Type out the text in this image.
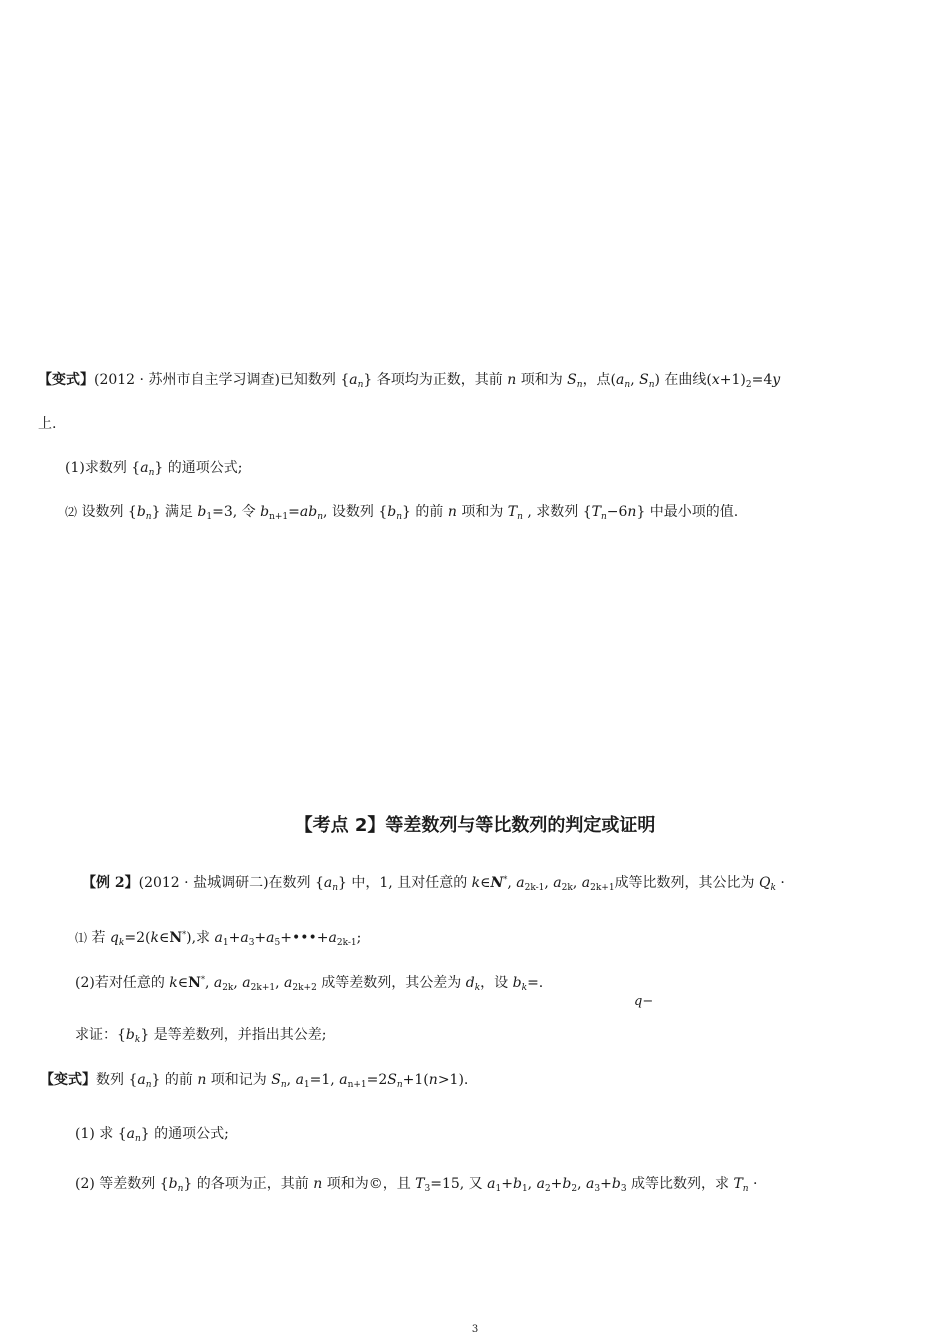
【变式】(2012 · 苏州市自主学习调查)已知数列 $\{a_n\}$ 各项均为正数，其前 n 项和为 $S_n$，点($a_n$, $S_n$) 在曲线$(x+1)_2=4y$
上.
(1)求数列 $\{a_n\}$ 的通项公式;
⑵ 设数列 $\{b_n\}$ 满足 $b_1=3$, 令 $b_{n+1}=ab_n$, 设数列 $\{b_n\}$ 的前 n 项和为 $T_n$ , 求数列 $\{T_n-6n\}$ 中最小项的值.
【考点 2】等差数列与等比数列的判定或证明
【例 2】(2012 · 盐城调研二)在数列 $\{a_n\}$ 中，1, 且对任意的 k∈N*, $a_{2k-1}$, $a_{2k}$, $a_{2k+1}$成等比数列，其公比为 $Q_k$ ·
⑴ 若 $q_k=2(k\in N^*)$,求 $a_1+a_3+a_5+•••+a_{2k-1}$;
(2)若对任意的 k∈N*, $a_{2k}$, $a_{2k+1}$, $a_{2k+2}$ 成等差数列，其公差为 $d_k$，设 $b_k=$.
q−
求证：$\{b_k\}$ 是等差数列，并指出其公差;
【变式】数列 $\{a_n\}$ 的前 n 项和记为 $S_n$, $a_1=1$, $a_{n+1}=2S_n+1(n>1)$.
(1) 求 $\{a_n\}$ 的通项公式;
(2) 等差数列 $\{b_n\}$ 的各项为正，其前 n 项和为©，且 $T_3=15$, 又 $a_1+b_1$, $a_2+b_2$, $a_3+b_3$ 成等比数列，求 $T_n$ ·
3
